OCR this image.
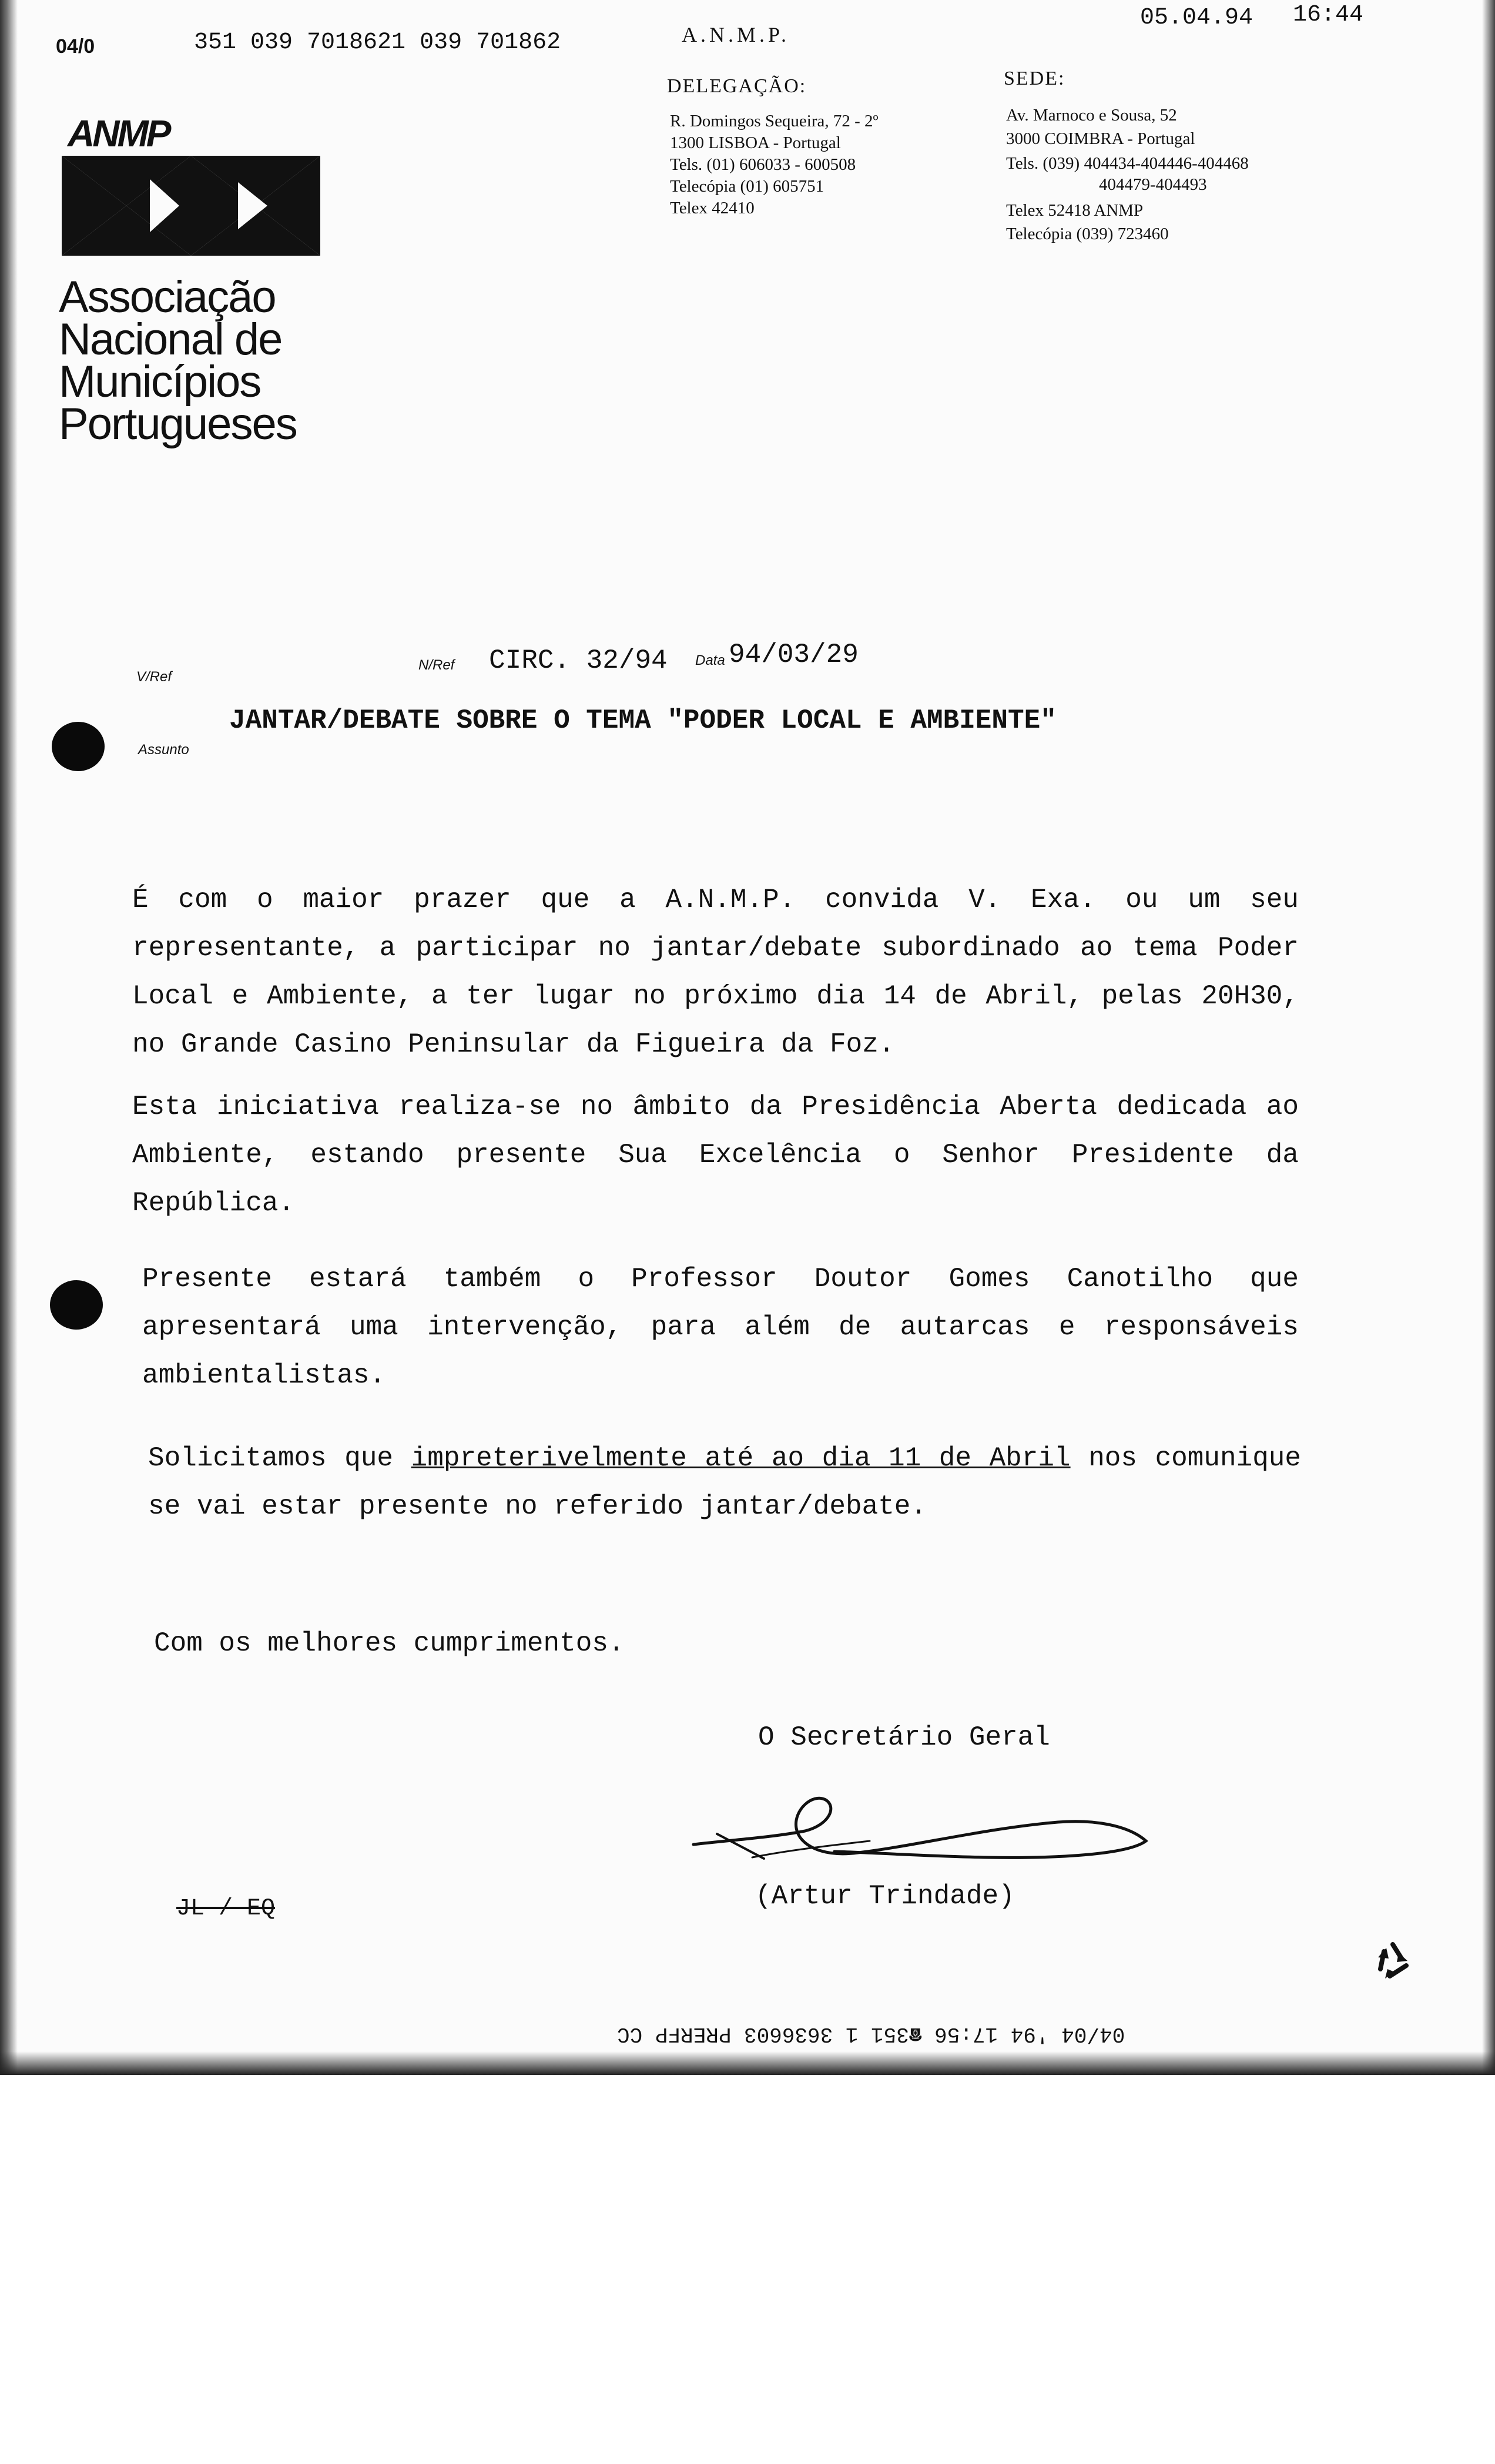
04/0	351 039 7018621 039 701862
05.04.94 16:44
A.N.M.P.
ANMP
Associação
Nacional de
Municípios
Portugueses
DELEGAÇÃO:
R. Domingos Sequeira, 72 - 2º
1300 LISBOA - Portugal
Tels. (01) 606033 - 600508
Telecópia (01) 605751
Telex 42410
SEDE:
Av. Marnoco e Sousa, 52
3000 COIMBRA - Portugal
Tels. (039) 404434-404446-404468
404479-404493
Telex 52418 ANMP
Telecópia (039) 723460
V/Ref
N/Ref CIRC. 32/94 Data 94/03/29
Assunto
JANTAR/DEBATE SOBRE O TEMA "PODER LOCAL E AMBIENTE"
É com o maior prazer que a A.N.M.P. convida V. Exa. ou um seu representante, a participar no jantar/debate subordinado ao tema Poder Local e Ambiente, a ter lugar no próximo dia 14 de Abril, pelas 20H30, no Grande Casino Peninsular da Figueira da Foz.
Esta iniciativa realiza-se no âmbito da Presidência Aberta dedicada ao Ambiente, estando presente Sua Excelência o Senhor Presidente da República.
Presente estará também o Professor Doutor Gomes Canotilho que apresentará uma intervenção, para além de autarcas e responsáveis ambientalistas.
Solicitamos que impreterivelmente até ao dia 11 de Abril nos comunique se vai estar presente no referido jantar/debate.
Com os melhores cumprimentos.
O Secretário Geral
(Artur Trindade)
JL / EQ
04/04 '94 17:56 ☎351 1 3636603 PRERFP CC
